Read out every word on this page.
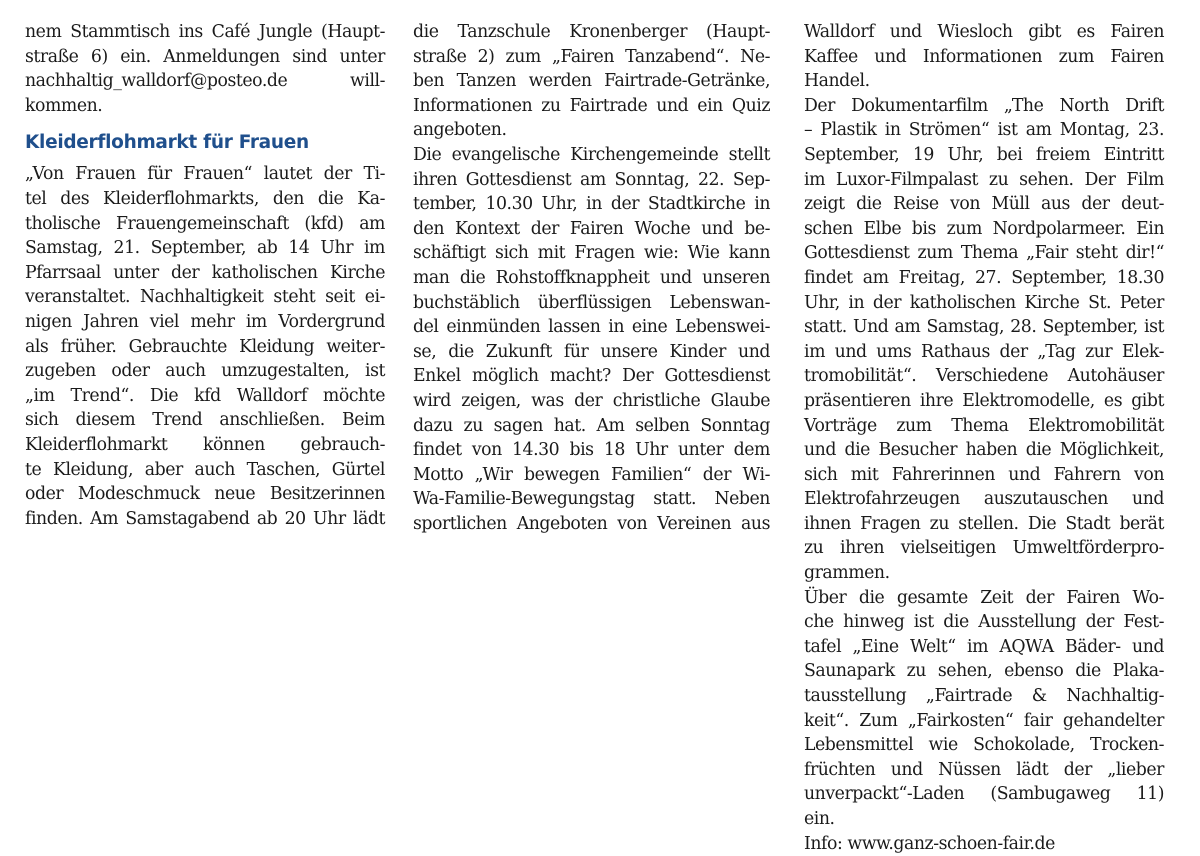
nem Stammtisch ins Café Jungle (Haupt-
straße 6) ein. Anmeldungen sind unter
nachhaltig_walldorf@posteo.de will-
kommen.
Kleiderflohmarkt für Frauen
„Von Frauen für Frauen“ lautet der Ti-
tel des Kleiderflohmarkts, den die Ka-
tholische Frauengemeinschaft (kfd) am
Samstag, 21. September, ab 14 Uhr im
Pfarrsaal unter der katholischen Kirche
veranstaltet. Nachhaltigkeit steht seit ei-
nigen Jahren viel mehr im Vordergrund
als früher. Gebrauchte Kleidung weiter-
zugeben oder auch umzugestalten, ist
„im Trend“. Die kfd Walldorf möchte
sich diesem Trend anschließen. Beim
Kleiderflohmarkt können gebrauch-
te Kleidung, aber auch Taschen, Gürtel
oder Modeschmuck neue Besitzerinnen
finden. Am Samstagabend ab 20 Uhr lädt
die Tanzschule Kronenberger (Haupt-
straße 2) zum „Fairen Tanzabend“. Ne-
ben Tanzen werden Fairtrade-Getränke,
Informationen zu Fairtrade und ein Quiz
angeboten.
Die evangelische Kirchengemeinde stellt
ihren Gottesdienst am Sonntag, 22. Sep-
tember, 10.30 Uhr, in der Stadtkirche in
den Kontext der Fairen Woche und be-
schäftigt sich mit Fragen wie: Wie kann
man die Rohstoffknappheit und unseren
buchstäblich überflüssigen Lebenswan-
del einmünden lassen in eine Lebenswei-
se, die Zukunft für unsere Kinder und
Enkel möglich macht? Der Gottesdienst
wird zeigen, was der christliche Glaube
dazu zu sagen hat. Am selben Sonntag
findet von 14.30 bis 18 Uhr unter dem
Motto „Wir bewegen Familien“ der Wi-
Wa-Familie-Bewegungstag statt. Neben
sportlichen Angeboten von Vereinen aus
Walldorf und Wiesloch gibt es Fairen
Kaffee und Informationen zum Fairen
Handel.
Der Dokumentarfilm „The North Drift
– Plastik in Strömen“ ist am Montag, 23.
September, 19 Uhr, bei freiem Eintritt
im Luxor-Filmpalast zu sehen. Der Film
zeigt die Reise von Müll aus der deut-
schen Elbe bis zum Nordpolarmeer. Ein
Gottesdienst zum Thema „Fair steht dir!“
findet am Freitag, 27. September, 18.30
Uhr, in der katholischen Kirche St. Peter
statt. Und am Samstag, 28. September, ist
im und ums Rathaus der „Tag zur Elek-
tromobilität“. Verschiedene Autohäuser
präsentieren ihre Elektromodelle, es gibt
Vorträge zum Thema Elektromobilität
und die Besucher haben die Möglichkeit,
sich mit Fahrerinnen und Fahrern von
Elektrofahrzeugen auszutauschen und
ihnen Fragen zu stellen. Die Stadt berät
zu ihren vielseitigen Umweltförderpro-
grammen.
Über die gesamte Zeit der Fairen Wo-
che hinweg ist die Ausstellung der Fest-
tafel „Eine Welt“ im AQWA Bäder- und
Saunapark zu sehen, ebenso die Plaka-
tausstellung „Fairtrade & Nachhaltig-
keit“. Zum „Fairkosten“ fair gehandelter
Lebensmittel wie Schokolade, Trocken-
früchten und Nüssen lädt der „lieber
unverpackt“-Laden (Sambugaweg 11)
ein.
Info: www.ganz-schoen-fair.de
